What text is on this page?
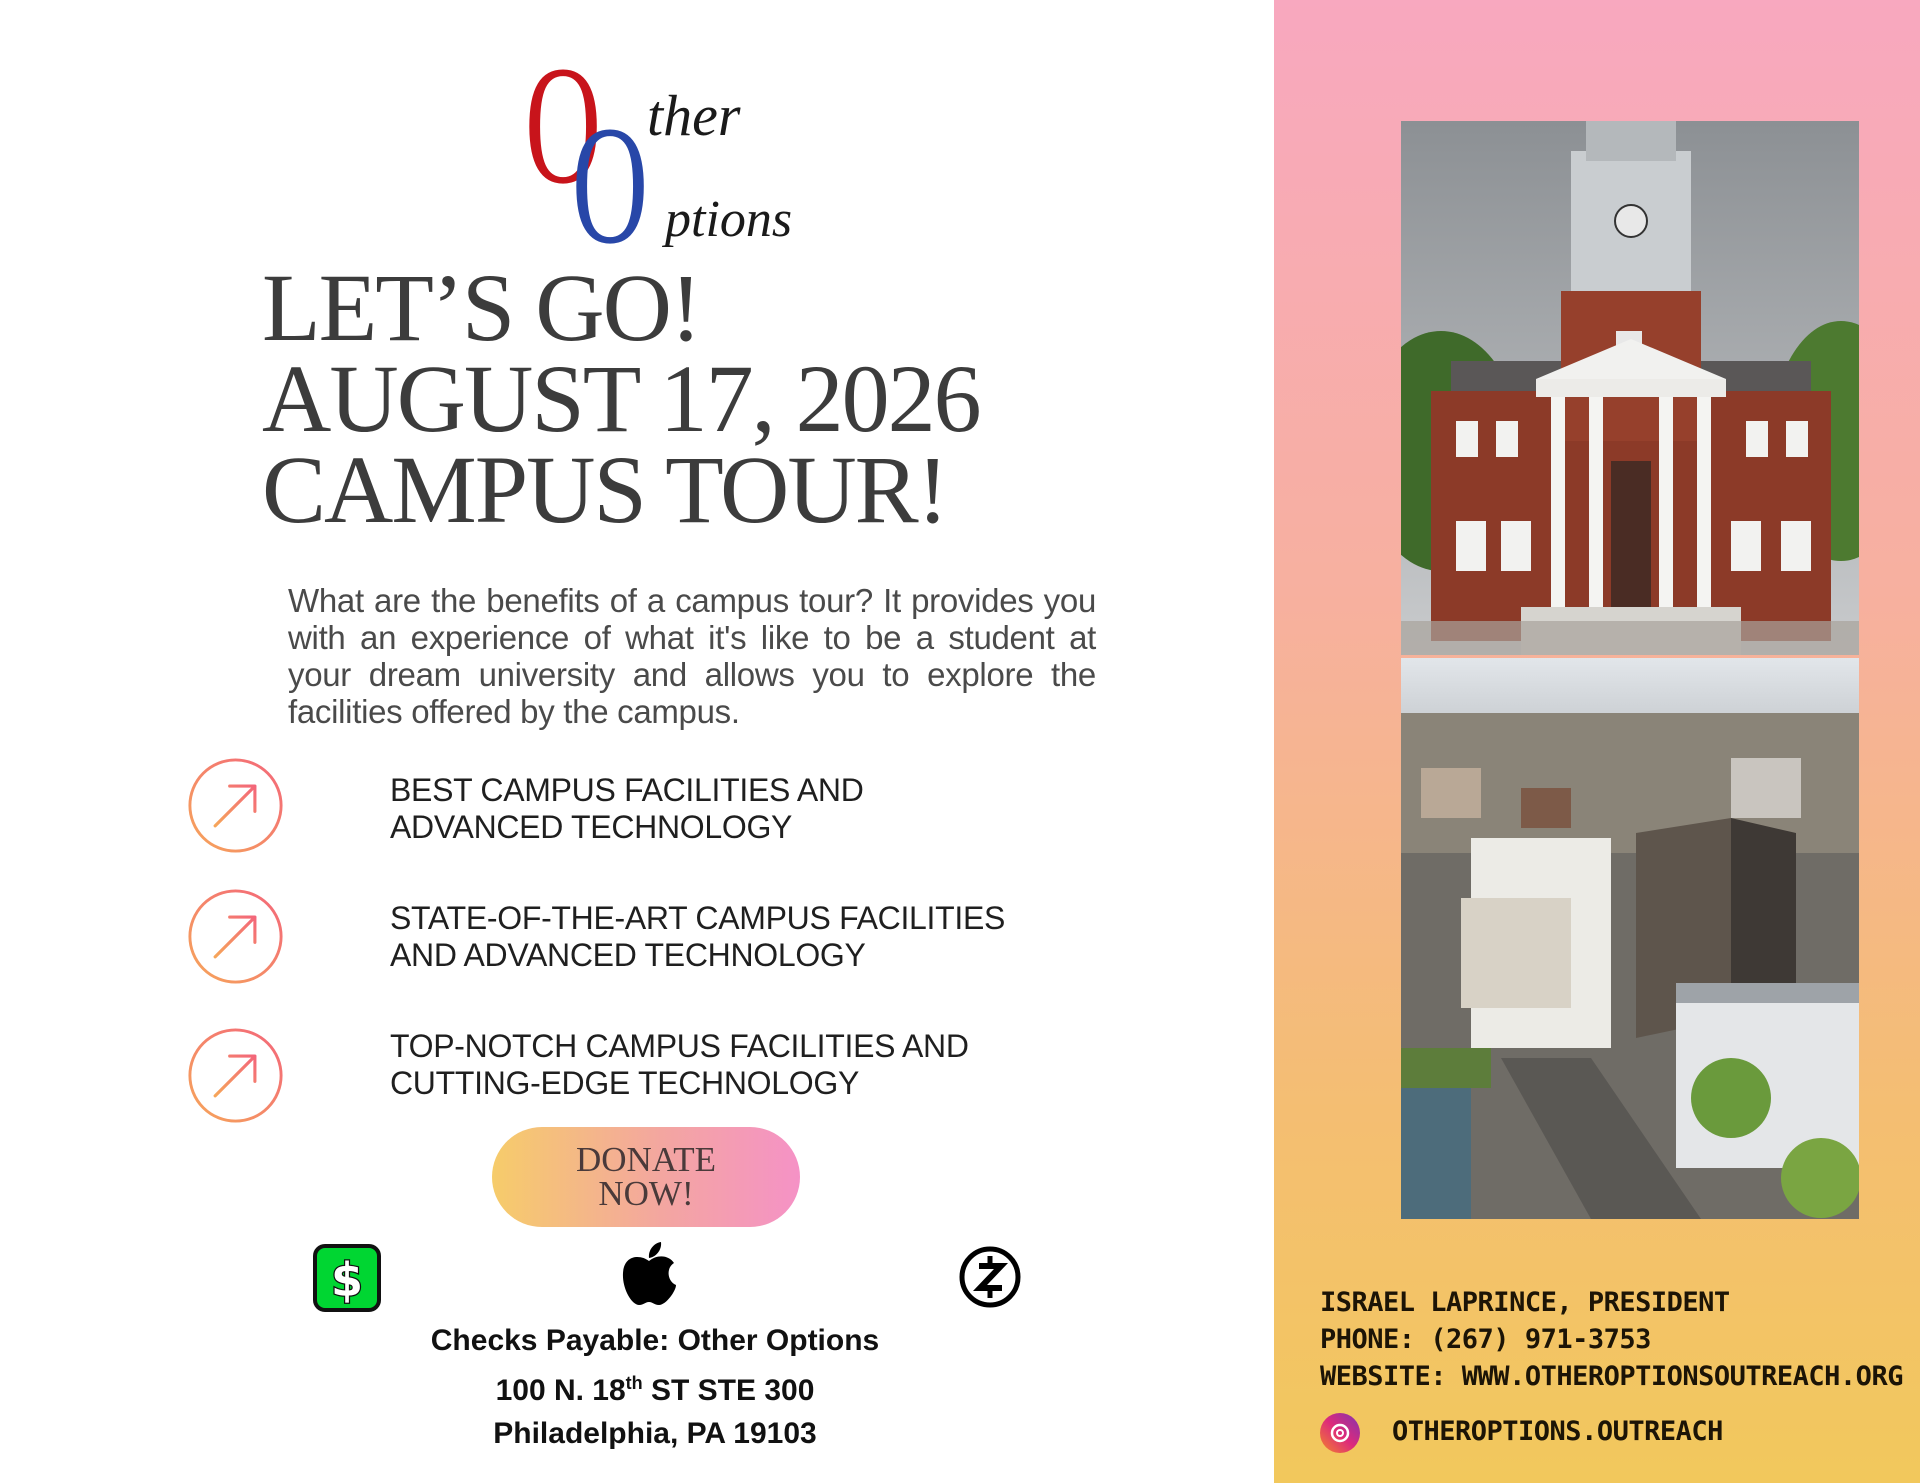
O
O
ther
ptions
LET’S GO!
AUGUST 17, 2026
CAMPUS TOUR!

What are the benefits of a campus tour? It provides you with an experience of what it's like to be a student at your dream university and allows you to explore the facilities offered by the campus.

BEST CAMPUS FACILITIES AND
ADVANCED TECHNOLOGY
STATE-OF-THE-ART CAMPUS FACILITIES
AND ADVANCED TECHNOLOGY
TOP-NOTCH CAMPUS FACILITIES AND
CUTTING-EDGE TECHNOLOGY
DONATE
NOW!
$
Checks Payable: Other Options
100 N. 18th ST STE 300
Philadelphia, PA 19103
ISRAEL LAPRINCE, PRESIDENT
PHONE: (267) 971-3753
WEBSITE: WWW.OTHEROPTIONSOUTREACH.ORG
OTHEROPTIONS.OUTREACH
